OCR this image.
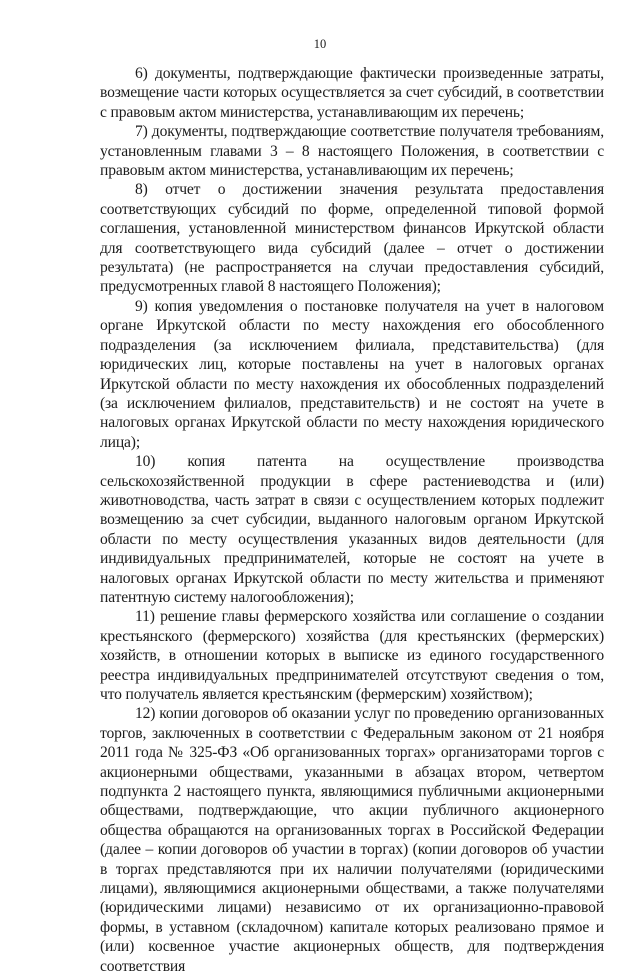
10

6) документы, подтверждающие фактически произведенные затраты, возмещение части которых осуществляется за счет субсидий, в соответствии с правовым актом министерства, устанавливающим их перечень;

7) документы, подтверждающие соответствие получателя требованиям, установленным главами 3 – 8 настоящего Положения, в соответствии с правовым актом министерства, устанавливающим их перечень;

8) отчет о достижении значения результата предоставления соответствующих субсидий по форме, определенной типовой формой соглашения, установленной министерством финансов Иркутской области для соответствующего вида субсидий (далее – отчет о достижении результата) (не распространяется на случаи предоставления субсидий, предусмотренных главой 8 настоящего Положения);

9) копия уведомления о постановке получателя на учет в налоговом органе Иркутской области по месту нахождения его обособленного подразделения (за исключением филиала, представительства) (для юридических лиц, которые поставлены на учет в налоговых органах Иркутской области по месту нахождения их обособленных подразделений (за исключением филиалов, представительств) и не состоят на учете в налоговых органах Иркутской области по месту нахождения юридического лица);

10) копия патента на осуществление производства сельскохозяйственной продукции в сфере растениеводства и (или) животноводства, часть затрат в связи с осуществлением которых подлежит возмещению за счет субсидии, выданного налоговым органом Иркутской области по месту осуществления указанных видов деятельности (для индивидуальных предпринимателей, которые не состоят на учете в налоговых органах Иркутской области по месту жительства и применяют патентную систему налогообложения);

11) решение главы фермерского хозяйства или соглашение о создании крестьянского (фермерского) хозяйства (для крестьянских (фермерских) хозяйств, в отношении которых в выписке из единого государственного реестра индивидуальных предпринимателей отсутствуют сведения о том, что получатель является крестьянским (фермерским) хозяйством);

12) копии договоров об оказании услуг по проведению организованных торгов, заключенных в соответствии с Федеральным законом от 21 ноября 2011 года № 325-ФЗ «Об организованных торгах» организаторами торгов с акционерными обществами, указанными в абзацах втором, четвертом подпункта 2 настоящего пункта, являющимися публичными акционерными обществами, подтверждающие, что акции публичного акционерного общества обращаются на организованных торгах в Российской Федерации (далее – копии договоров об участии в торгах) (копии договоров об участии в торгах представляются при их наличии получателями (юридическими лицами), являющимися акционерными обществами, а также получателями (юридическими лицами) независимо от их организационно-правовой формы, в уставном (складочном) капитале которых реализовано прямое и (или) косвенное участие акционерных обществ, для подтверждения соответствия
